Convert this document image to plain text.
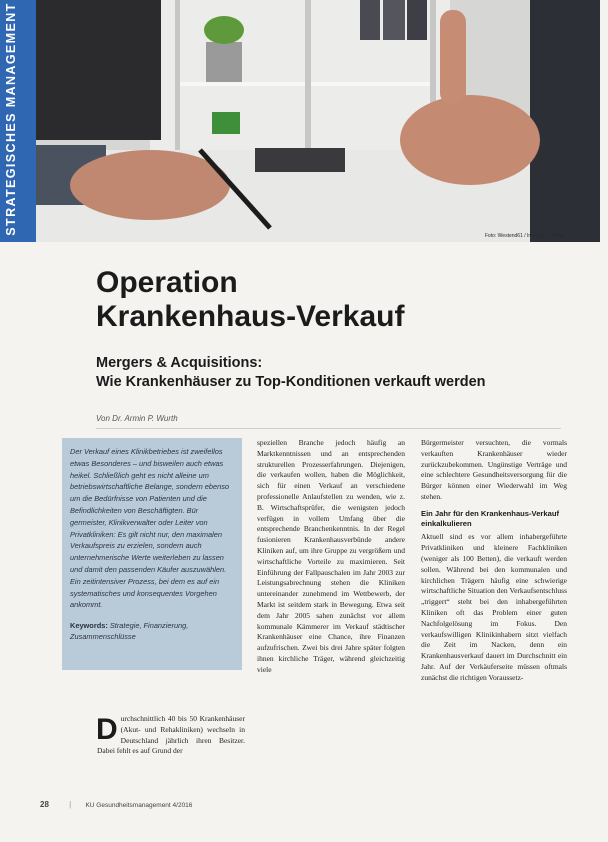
STRATEGISCHES MANAGEMENT
Foto: Westend61 / Images – Fotolia
Operation
Krankenhaus-Verkauf
Mergers & Acquisitions:
Wie Krankenhäuser zu Top-Konditionen verkauft werden
Von Dr. Armin P. Wurth
Der Verkauf eines Klinikbetriebes ist zweifellos etwas Besonderes – und bisweilen auch etwas heikel. Schließlich geht es nicht alleine um betriebswirtschaftliche Belange, sondern ebenso um die Bedürfnisse von Patienten und die Befindlichkeiten von Beschäftigten. Bür germeister, Klinikverwalter oder Leiter von Privatkliniken: Es gilt nicht nur, den maximalen Verkaufspreis zu erzielen, sondern auch unternehmerische Werte weiterleben zu lassen und damit den passenden Käufer auszuwählen. Ein zeitintensiver Prozess, bei dem es auf ein systematisches und konsequentes Vorgehen ankommt.
Keywords: Strategie, Finanzierung, Zusammenschlüsse
D urchschnittlich 40 bis 50 Krankenhäuser (Akut- und Rehakliniken) wechseln in Deutschland jährlich ihren Besitzer. Dabei fehlt es auf Grund der

speziellen Branche jedoch häufig an Marktkenntnissen und an entsprechenden strukturellen Prozesserfahrungen. Diejenigen, die verkaufen wollen, haben die Möglichkeit, sich für einen Verkauf an verschiedene professionelle Anlaufstellen zu wenden, wie z. B. Wirtschaftsprüfer, die wenigsten jedoch verfügen in vollem Umfang über die entsprechende Branchenkenntnis. In der Regel fusionieren Krankenhausverbünde andere Kliniken auf, um ihre Gruppe zu vergrößern und wirtschaftliche Vorteile zu maximieren. Seit Einführung der Fallpauschalen im Jahr 2003 zur Leistungsabrechnung stehen die Kliniken untereinander zunehmend im Wettbewerb, der Markt ist seitdem stark in Bewegung. Etwa seit dem Jahr 2005 sahen zunächst vor allem kommunale Kämmerer im Verkauf städtischer Krankenhäuser eine Chance, ihre Finanzen aufzufrischen. Zwei bis drei Jahre später folgten ihnen kirchliche Träger, während gleichzeitig viele

Bürgermeister versuchten, die vormals verkauften Krankenhäuser wieder zurückzubekommen. Ungünstige Verträge und eine schlechtere Gesundheitsversorgung für die Bürger können einer Wiederwahl im Weg stehen.

Ein Jahr für den Krankenhaus-Verkauf einkalkulieren

Aktuell sind es vor allem inhabergeführte Privatkliniken und kleinere Fachkliniken (weniger als 100 Betten), die verkauft werden sollen. Während bei den kommunalen und kirchlichen Trägern häufig eine schwierige wirtschaftliche Situation den Verkaufsentschluss „triggert“ steht bei den inhabergeführten Kliniken oft das Problem einer guten Nachfolgelösung im Fokus. Den verkaufswilligen Klinikinhabern sitzt vielfach die Zeit im Nacken, denn ein Krankenhausverkauf dauert im Durchschnitt ein Jahr. Auf der Verkäuferseite müssen oftmals zunächst die richtigen Voraussetz-

28	| KU Gesundheitsmanagement 4/2016
